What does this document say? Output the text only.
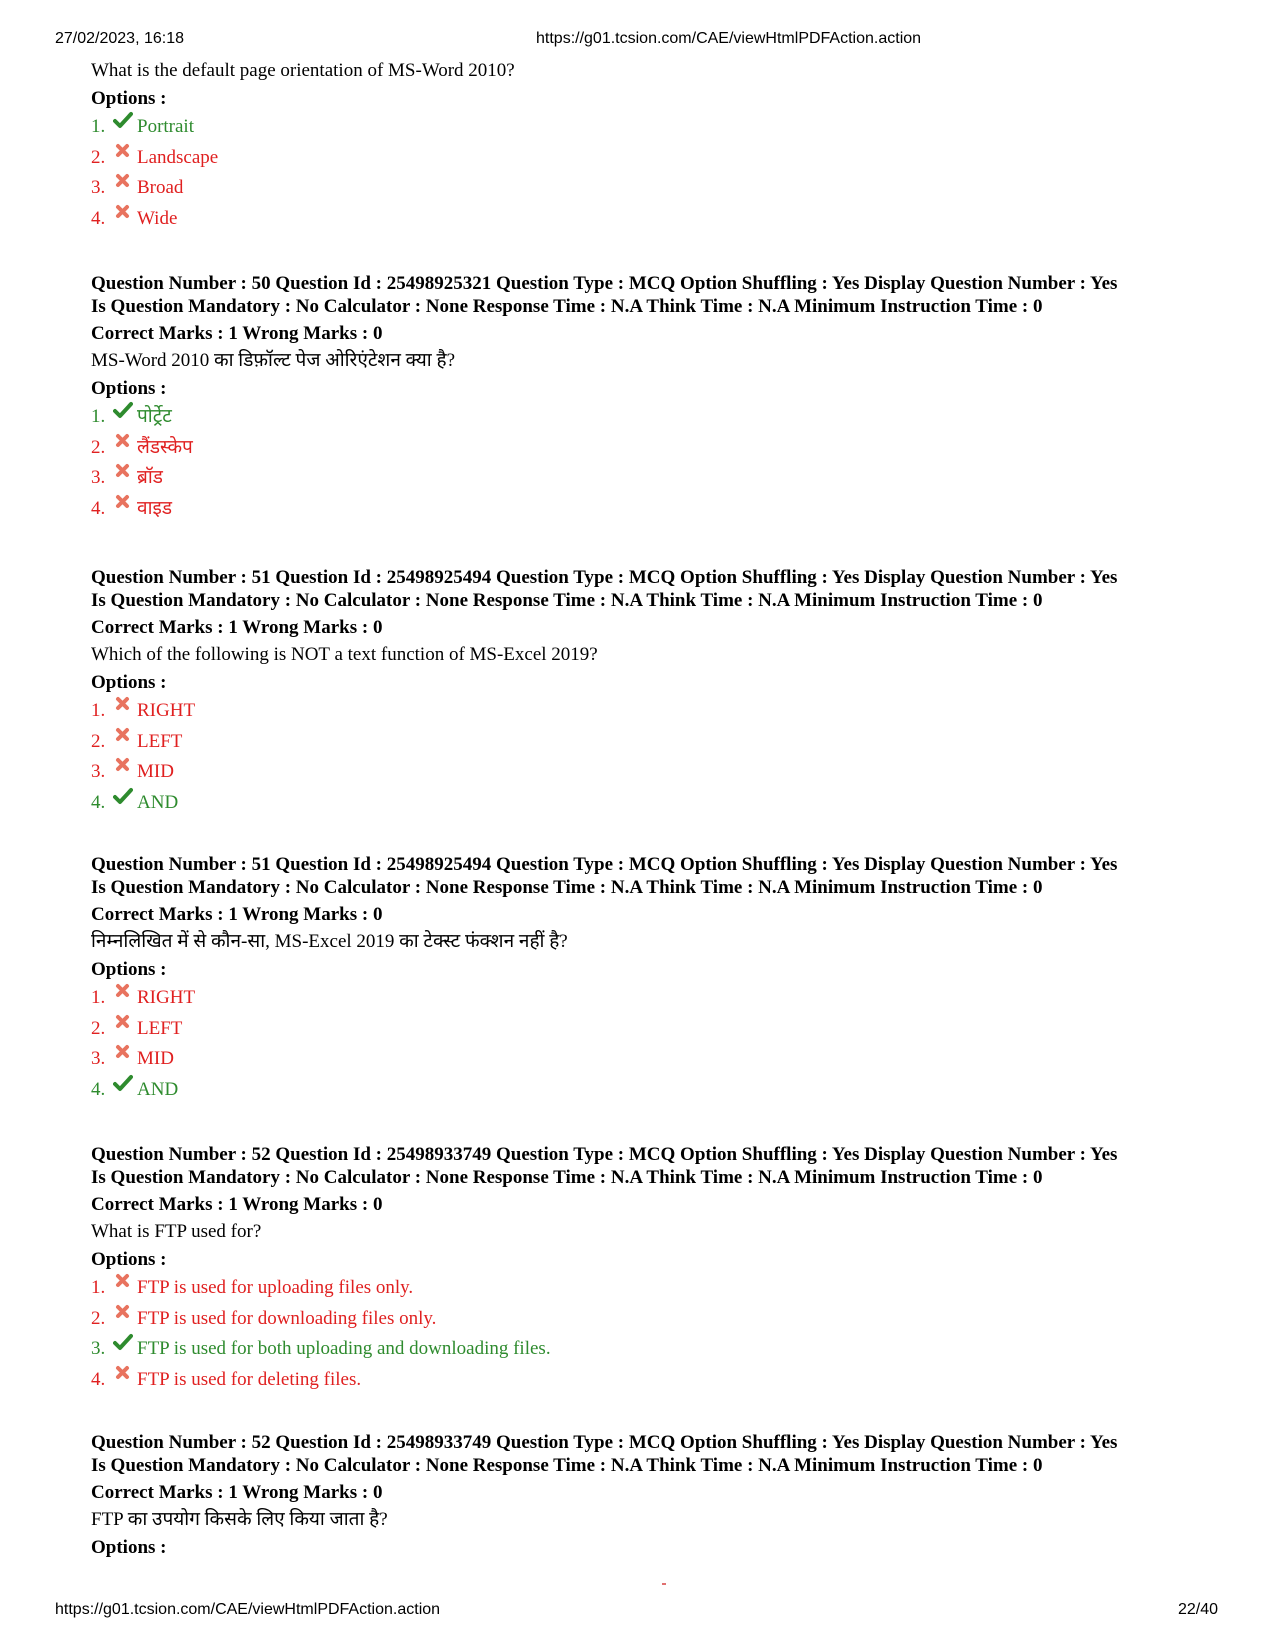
27/02/2023, 16:18	https://g01.tcsion.com/CAE/viewHtmlPDFAction.action
https://g01.tcsion.com/CAE/viewHtmlPDFAction.action	22/40
What is the default page orientation of MS-Word 2010?
Options :
1.	Portrait
2.	Landscape
3.	Broad
4.	Wide
Question Number : 50 Question Id : 25498925321 Question Type : MCQ Option Shuffling : Yes Display Question Number : Yes
Is Question Mandatory : No Calculator : None Response Time : N.A Think Time : N.A Minimum Instruction Time : 0
Correct Marks : 1 Wrong Marks : 0
MS-Word 2010 का डिफ़ॉल्ट पेज ओरिएंटेशन क्या है?
Options :
1.	पोर्ट्रेट
2.	लैंडस्केप
3.	ब्रॉड
4.	वाइड
Question Number : 51 Question Id : 25498925494 Question Type : MCQ Option Shuffling : Yes Display Question Number : Yes
Is Question Mandatory : No Calculator : None Response Time : N.A Think Time : N.A Minimum Instruction Time : 0
Correct Marks : 1 Wrong Marks : 0
Which of the following is NOT a text function of MS-Excel 2019?
Options :
1.	RIGHT
2.	LEFT
3.	MID
4.	AND
Question Number : 51 Question Id : 25498925494 Question Type : MCQ Option Shuffling : Yes Display Question Number : Yes
Is Question Mandatory : No Calculator : None Response Time : N.A Think Time : N.A Minimum Instruction Time : 0
Correct Marks : 1 Wrong Marks : 0
निम्नलिखित में से कौन-सा, MS-Excel 2019 का टेक्स्ट फंक्शन नहीं है?
Options :
1.	RIGHT
2.	LEFT
3.	MID
4.	AND
Question Number : 52 Question Id : 25498933749 Question Type : MCQ Option Shuffling : Yes Display Question Number : Yes
Is Question Mandatory : No Calculator : None Response Time : N.A Think Time : N.A Minimum Instruction Time : 0
Correct Marks : 1 Wrong Marks : 0
What is FTP used for?
Options :
1.	FTP is used for uploading files only.
2.	FTP is used for downloading files only.
3.	FTP is used for both uploading and downloading files.
4.	FTP is used for deleting files.
Question Number : 52 Question Id : 25498933749 Question Type : MCQ Option Shuffling : Yes Display Question Number : Yes
Is Question Mandatory : No Calculator : None Response Time : N.A Think Time : N.A Minimum Instruction Time : 0
Correct Marks : 1 Wrong Marks : 0
FTP का उपयोग किसके लिए किया जाता है?
Options :
